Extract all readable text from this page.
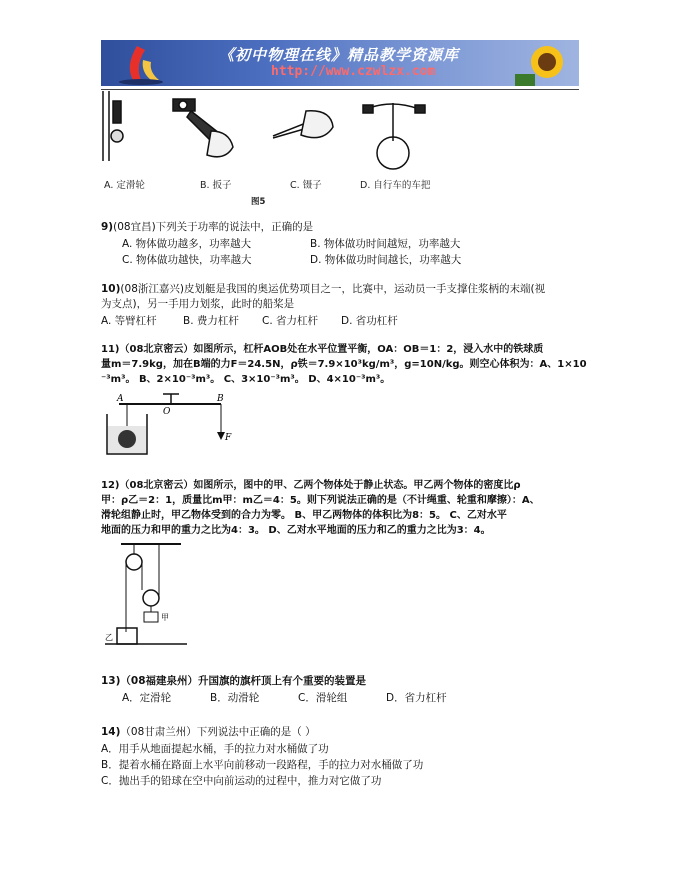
《初中物理在线》精品教学资源库
http://www.czwlzx.com
A. 定滑轮	B. 扳子	C. 镊子	D. 自行车的车把
图5
9)(08宜昌)下列关于功率的说法中，正确的是
A. 物体做功越多，功率越大	B. 物体做功时间越短，功率越大
C. 物体做功越快，功率越大	D. 物体做功时间越长，功率越大
10)(08浙江嘉兴)皮划艇是我国的奥运优势项目之一，比赛中，运动员一手支撑住浆柄的末端(视
为支点)，另一手用力划浆，此时的船桨是
A. 等臂杠杆	B. 费力杠杆 C. 省力杠杆 D. 省功杠杆
11)（08北京密云）如图所示，杠杆AOB处在水平位置平衡，OA：OB＝1：2，浸入水中的铁球质
量m＝7.9kg，加在B端的力F＝24.5N，ρ铁＝7.9×10³kg/m³，g=10N/kg。则空心体积为：A、1×10
⁻³m³。 B、2×10⁻³m³。 C、3×10⁻³m³。 D、4×10⁻³m³。
A
O
B
F
12)（08北京密云）如图所示，图中的甲、乙两个物体处于静止状态。甲乙两个物体的密度比ρ
甲：ρ乙＝2：1，质量比m甲：m乙＝4：5。则下列说法正确的是（不计绳重、轮重和摩擦）：A、
滑轮组静止时，甲乙物体受到的合力为零。 B、甲乙两物体的体积比为8：5。 C、乙对水平
地面的压力和甲的重力之比为4：3。 D、乙对水平地面的压力和乙的重力之比为3：4。
甲
乙
13)（08福建泉州）升国旗的旗杆顶上有个重要的装置是
A．定滑轮	B．动滑轮	C．滑轮组	D．省力杠杆
14)（08甘肃兰州）下列说法中正确的是（ ）
A．用手从地面提起水桶，手的拉力对水桶做了功
B．提着水桶在路面上水平向前移动一段路程，手的拉力对水桶做了功
C．抛出手的铅球在空中向前运动的过程中，推力对它做了功
